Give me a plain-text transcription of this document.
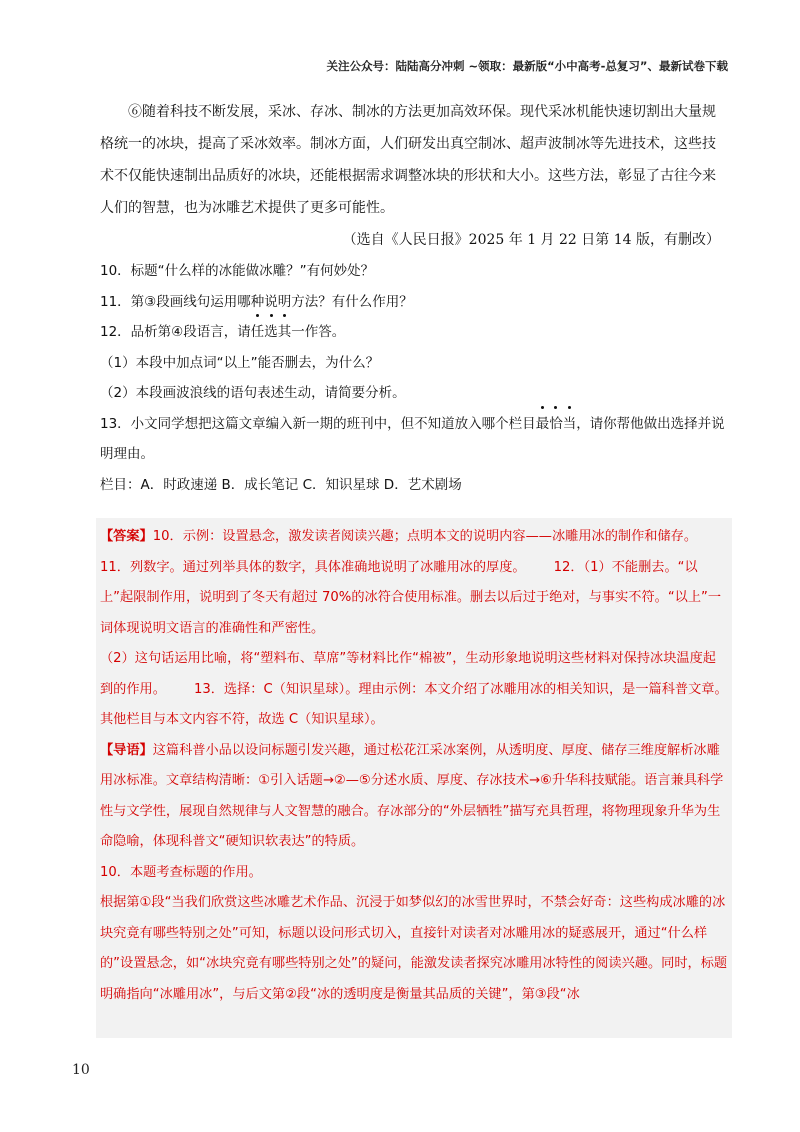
关注公众号：陆陆高分冲刺 ~领取：最新版“小中高考-总复习”、最新试卷下载

⑥随着科技不断发展，采冰、存冰、制冰的方法更加高效环保。现代采冰机能快速切割出大量规格统一的冰块，提高了采冰效率。制冰方面，人们研发出真空制冰、超声波制冰等先进技术，这些技术不仅能快速制出品质好的冰块，还能根据需求调整冰块的形状和大小。这些方法，彰显了古往今来人们的智慧，也为冰雕艺术提供了更多可能性。

（选自《人民日报》2025 年 1 月 22 日第 14 版，有删改）

10．标题“什么样的冰能做冰雕？”有何妙处？

11．第③段画线句运用哪种说明方法？有什么作用？

12．品析第④段语言，请任选其一作答。

（1）本段中加点词“以上”能否删去，为什么？

（2）本段画波浪线的语句表述生动，请简要分析。

13．小文同学想把这篇文章编入新一期的班刊中，但不知道放入哪个栏目最恰当，请你帮他做出选择并说

明理由。

栏目：A．时政速递 B．成长笔记 C．知识星球 D．艺术剧场

【答案】10．示例：设置悬念，激发读者阅读兴趣；点明本文的说明内容——冰雕用冰的制作和储存。

11．列数字。通过列举具体的数字，具体准确地说明了冰雕用冰的厚度。 12．（1）不能删去。“以上”起限制作用，说明到了冬天有超过 70%的冰符合使用标准。删去以后过于绝对，与事实不符。“以上”一词体现说明文语言的准确性和严密性。

（2）这句话运用比喻，将“塑料布、草席”等材料比作“棉被”，生动形象地说明这些材料对保持冰块温度起到的作用。 13．选择：C（知识星球）。理由示例：本文介绍了冰雕用冰的相关知识，是一篇科普文章。其他栏目与本文内容不符，故选 C（知识星球）。

【导语】这篇科普小品以设问标题引发兴趣，通过松花江采冰案例，从透明度、厚度、储存三维度解析冰雕用冰标准。文章结构清晰：①引入话题→②—⑤分述水质、厚度、存冰技术→⑥升华科技赋能。语言兼具科学性与文学性，展现自然规律与人文智慧的融合。存冰部分的“外层牺牲”描写充具哲理，将物理现象升华为生命隐喻，体现科普文“硬知识软表达”的特质。

10．本题考查标题的作用。

根据第①段“当我们欣赏这些冰雕艺术作品、沉浸于如梦似幻的冰雪世界时，不禁会好奇：这些构成冰雕的冰块究竟有哪些特别之处”可知，标题以设问形式切入，直接针对读者对冰雕用冰的疑惑展开，通过“什么样的”设置悬念，如“冰块究竟有哪些特别之处”的疑问，能激发读者探究冰雕用冰特性的阅读兴趣。同时，标题明确指向“冰雕用冰”，与后文第②段“冰的透明度是衡量其品质的关键”，第③段“冰

10
